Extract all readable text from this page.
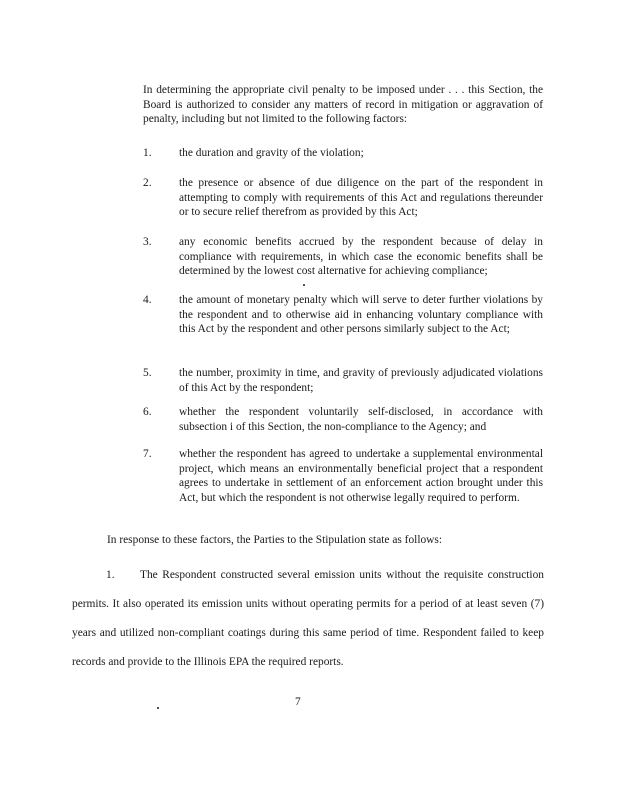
In determining the appropriate civil penalty to be imposed under . . . this Section, the Board is authorized to consider any matters of record in mitigation or aggravation of penalty, including but not limited to the following factors:
1.	the duration and gravity of the violation;
2.	the presence or absence of due diligence on the part of the respondent in attempting to comply with requirements of this Act and regulations thereunder or to secure relief therefrom as provided by this Act;
3.	any economic benefits accrued by the respondent because of delay in compliance with requirements, in which case the economic benefits shall be determined by the lowest cost alternative for achieving compliance;
4.	the amount of monetary penalty which will serve to deter further violations by the respondent and to otherwise aid in enhancing voluntary compliance with this Act by the respondent and other persons similarly subject to the Act;
5.	the number, proximity in time, and gravity of previously adjudicated violations of this Act by the respondent;
6.	whether the respondent voluntarily self-disclosed, in accordance with subsection i of this Section, the non-compliance to the Agency; and
7.	whether the respondent has agreed to undertake a supplemental environmental project, which means an environmentally beneficial project that a respondent agrees to undertake in settlement of an enforcement action brought under this Act, but which the respondent is not otherwise legally required to perform.
In response to these factors, the Parties to the Stipulation state as follows:
1. The Respondent constructed several emission units without the requisite construction permits. It also operated its emission units without operating permits for a period of at least seven (7) years and utilized non-compliant coatings during this same period of time. Respondent failed to keep records and provide to the Illinois EPA the required reports.
7
